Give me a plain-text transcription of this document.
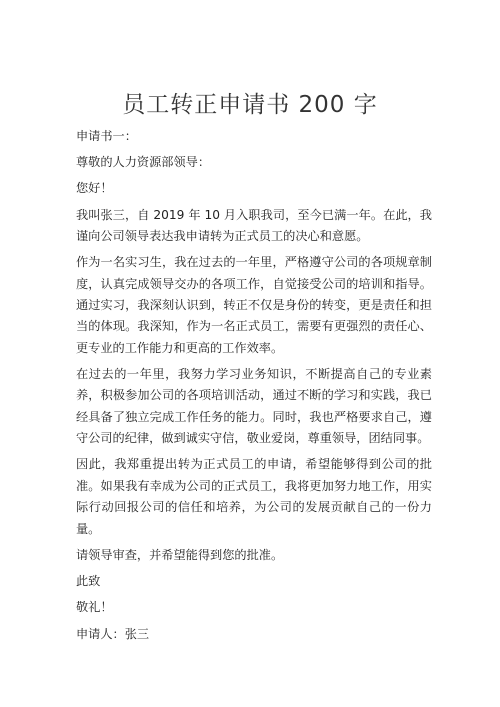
员工转正申请书 200 字

申请书一：

尊敬的人力资源部领导：

您好！

我叫张三，自 2019 年 10 月入职我司，至今已满一年。在此，我谨向公司领导表达我申请转为正式员工的决心和意愿。

作为一名实习生，我在过去的一年里，严格遵守公司的各项规章制度，认真完成领导交办的各项工作，自觉接受公司的培训和指导。通过实习，我深刻认识到，转正不仅是身份的转变，更是责任和担当的体现。我深知，作为一名正式员工，需要有更强烈的责任心、更专业的工作能力和更高的工作效率。

在过去的一年里，我努力学习业务知识，不断提高自己的专业素养，积极参加公司的各项培训活动，通过不断的学习和实践，我已经具备了独立完成工作任务的能力。同时，我也严格要求自己，遵守公司的纪律，做到诚实守信，敬业爱岗，尊重领导，团结同事。

因此，我郑重提出转为正式员工的申请，希望能够得到公司的批准。如果我有幸成为公司的正式员工，我将更加努力地工作，用实际行动回报公司的信任和培养，为公司的发展贡献自己的一份力量。

请领导审查，并希望能得到您的批准。

此致

敬礼！

申请人：张三
